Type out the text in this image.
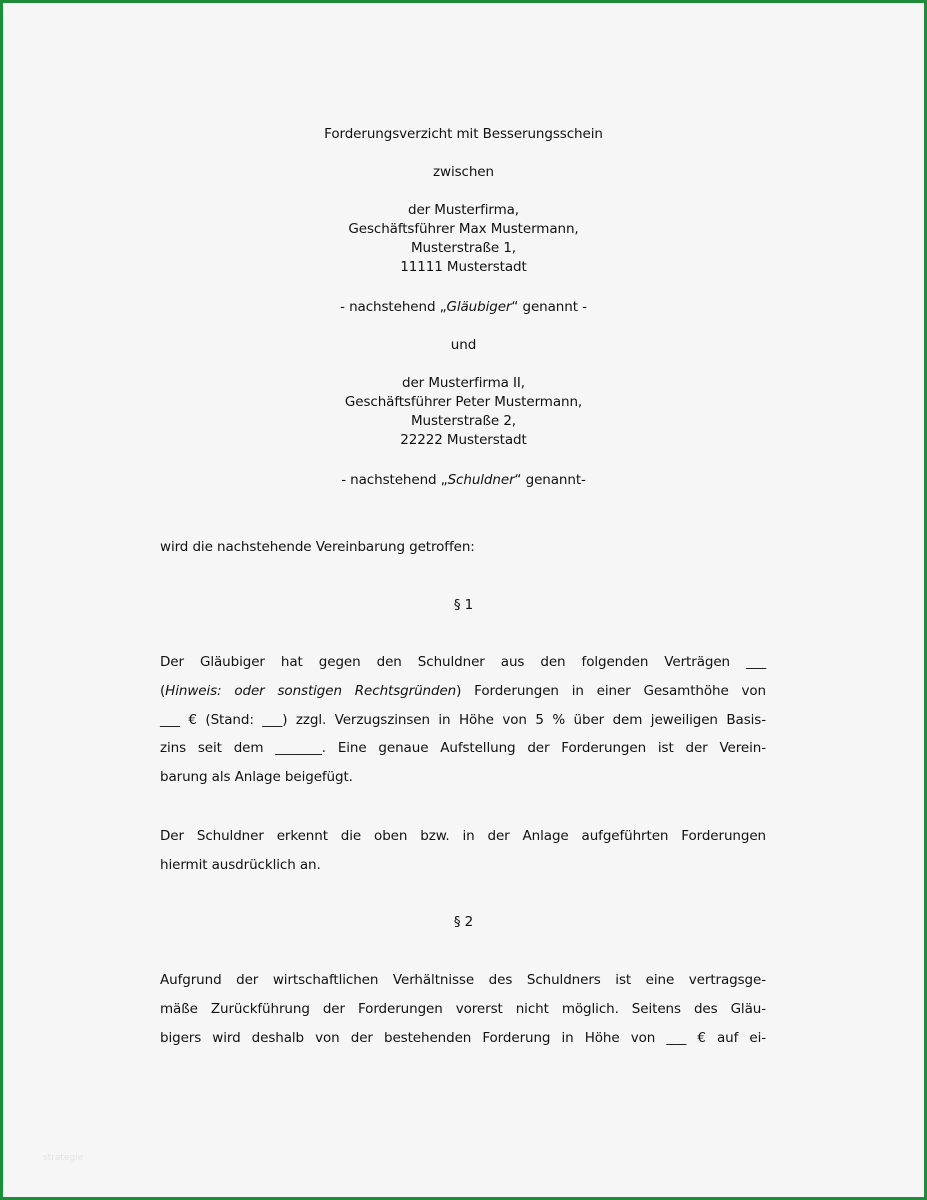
Forderungsverzicht mit Besserungsschein
zwischen
der Musterfirma,
Geschäftsführer Max Mustermann,
Musterstraße 1,
11111 Musterstadt
- nachstehend „Gläubiger“ genannt -
und
der Musterfirma II,
Geschäftsführer Peter Mustermann,
Musterstraße 2,
22222 Musterstadt
- nachstehend „Schuldner“ genannt-
wird die nachstehende Vereinbarung getroffen:
§ 1
Der Gläubiger hat gegen den Schuldner aus den folgenden Verträgen ___
(Hinweis: oder sonstigen Rechtsgründen) Forderungen in einer Gesamthöhe von
___ € (Stand: ___) zzgl. Verzugszinsen in Höhe von 5 % über dem jeweiligen Basis-
zins seit dem _______. Eine genaue Aufstellung der Forderungen ist der Verein-
barung als Anlage beigefügt.
Der Schuldner erkennt die oben bzw. in der Anlage aufgeführten Forderungen
hiermit ausdrücklich an.
§ 2
Aufgrund der wirtschaftlichen Verhältnisse des Schuldners ist eine vertragsge-
mäße Zurückführung der Forderungen vorerst nicht möglich. Seitens des Gläu-
bigers wird deshalb von der bestehenden Forderung in Höhe von ___ € auf ei-
strategie
